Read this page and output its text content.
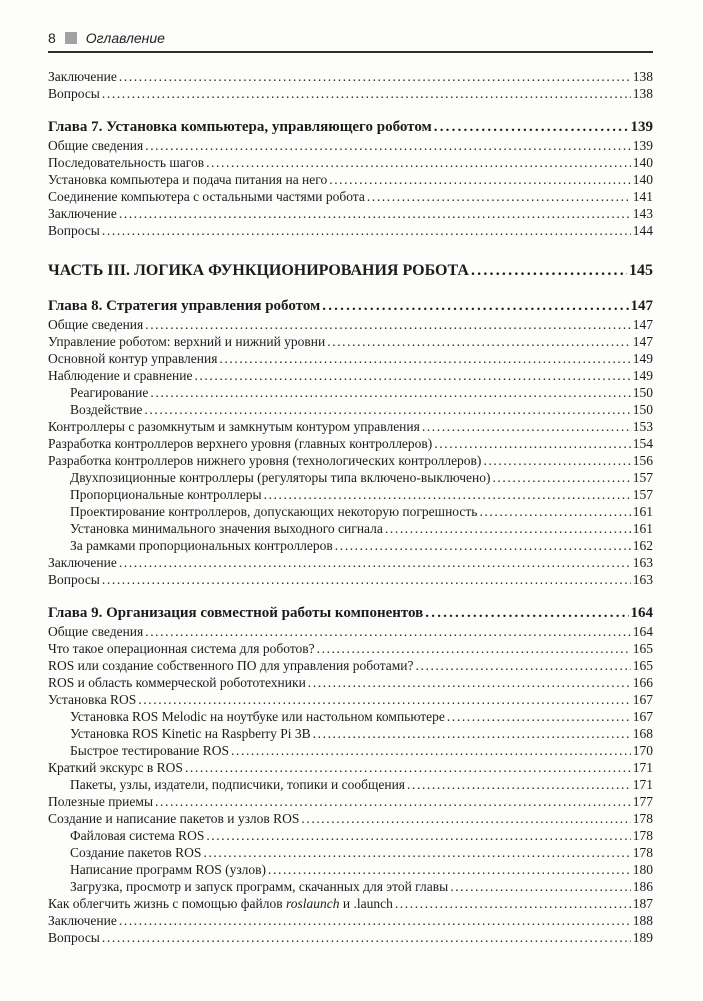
8 Оглавление
Заключение .....	138
Вопросы .....	138
Глава 7. Установка компьютера, управляющего роботом .....	139
Общие сведения .....	139
Последовательность шагов .....	140
Установка компьютера и подача питания на него .....	140
Соединение компьютера с остальными частями робота .....	141
Заключение .....	143
Вопросы .....	144
ЧАСТЬ III. ЛОГИКА ФУНКЦИОНИРОВАНИЯ РОБОТА .....	145
Глава 8. Стратегия управления роботом .....	147
Общие сведения .....	147
Управление роботом: верхний и нижний уровни .....	147
Основной контур управления .....	149
Наблюдение и сравнение .....	149
Реагирование .....	150
Воздействие .....	150
Контроллеры с разомкнутым и замкнутым контуром управления .....	153
Разработка контроллеров верхнего уровня (главных контроллеров) .....	154
Разработка контроллеров нижнего уровня (технологических контроллеров) .....	156
Двухпозиционные контроллеры (регуляторы типа включено-выключено) .....	157
Пропорциональные контроллеры .....	157
Проектирование контроллеров, допускающих некоторую погрешность .....	161
Установка минимального значения выходного сигнала .....	161
За рамками пропорциональных контроллеров .....	162
Заключение .....	163
Вопросы .....	163
Глава 9. Организация совместной работы компонентов .....	164
Общие сведения .....	164
Что такое операционная система для роботов? .....	165
ROS или создание собственного ПО для управления роботами? .....	165
ROS и область коммерческой робототехники .....	166
Установка ROS .....	167
Установка ROS Melodic на ноутбуке или настольном компьютере .....	167
Установка ROS Kinetic на Raspberry Pi 3B .....	168
Быстрое тестирование ROS .....	170
Краткий экскурс в ROS .....	171
Пакеты, узлы, издатели, подписчики, топики и сообщения .....	171
Полезные приемы .....	177
Создание и написание пакетов и узлов ROS .....	178
Файловая система ROS .....	178
Создание пакетов ROS .....	178
Написание программ ROS (узлов) .....	180
Загрузка, просмотр и запуск программ, скачанных для этой главы .....	186
Как облегчить жизнь с помощью файлов roslaunch и .launch .....	187
Заключение .....	188
Вопросы .....	189
